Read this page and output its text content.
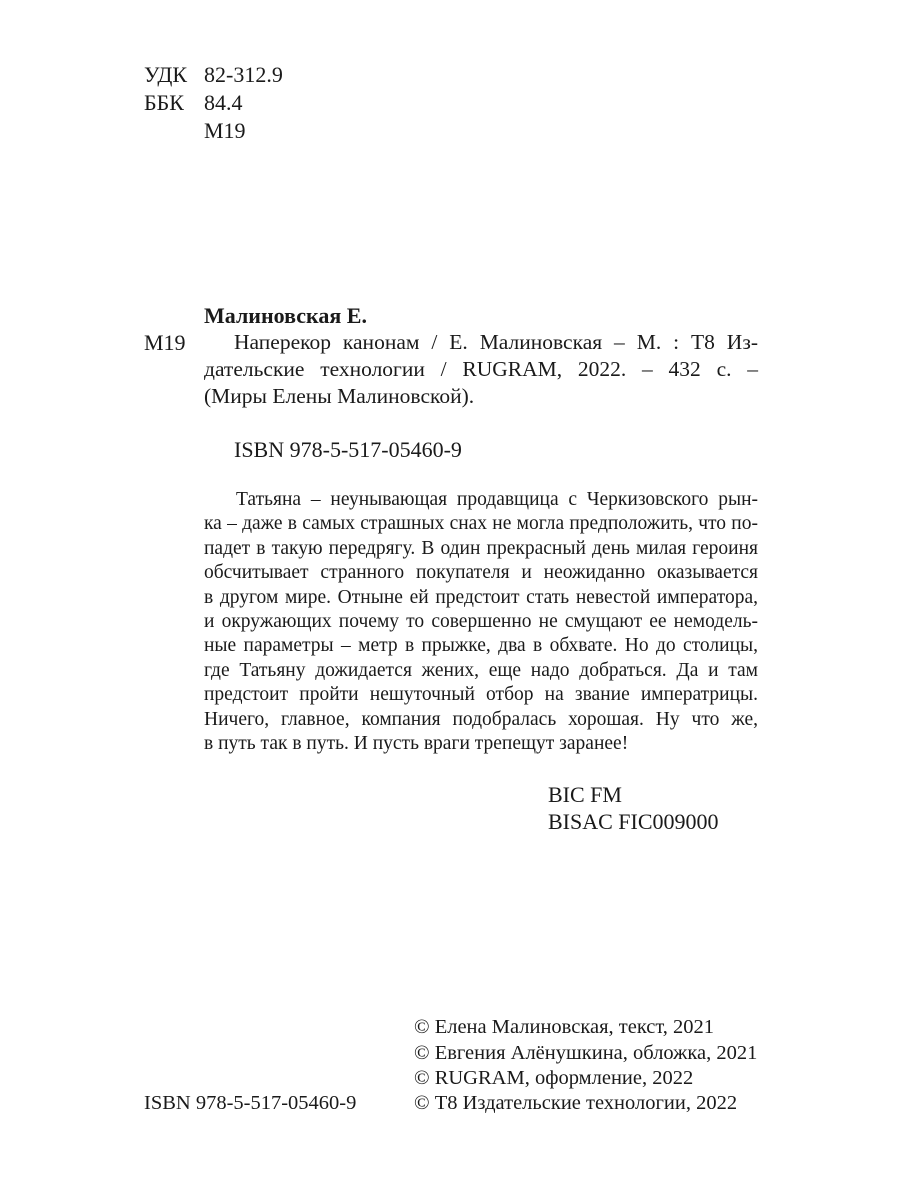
УДК 82-312.9
ББК 84.4
М19
Малиновская Е.
М19	Наперекор канонам / Е. Малиновская – М. : Т8 Из-
дательские технологии / RUGRAM, 2022. – 432 с. –
(Миры Елены Малиновской).
ISBN 978-5-517-05460-9
Татьяна – неунывающая продавщица с Черкизовского рын-
ка – даже в самых страшных снах не могла предположить, что по-
падет в такую передрягу. В один прекрасный день милая героиня
обсчитывает странного покупателя и неожиданно оказывается
в другом мире. Отныне ей предстоит стать невестой императора,
и окружающих почему то совершенно не смущают ее немодель-
ные параметры – метр в прыжке, два в обхвате. Но до столицы,
где Татьяну дожидается жених, еще надо добраться. Да и там
предстоит пройти нешуточный отбор на звание императрицы.
Ничего, главное, компания подобралась хорошая. Ну что же,
в путь так в путь. И пусть враги трепещут заранее!
BIC FM
BISAC FIC009000
ISBN 978-5-517-05460-9
© Елена Малиновская, текст, 2021
© Евгения Алёнушкина, обложка, 2021
© RUGRAM, оформление, 2022
© Т8 Издательские технологии, 2022
